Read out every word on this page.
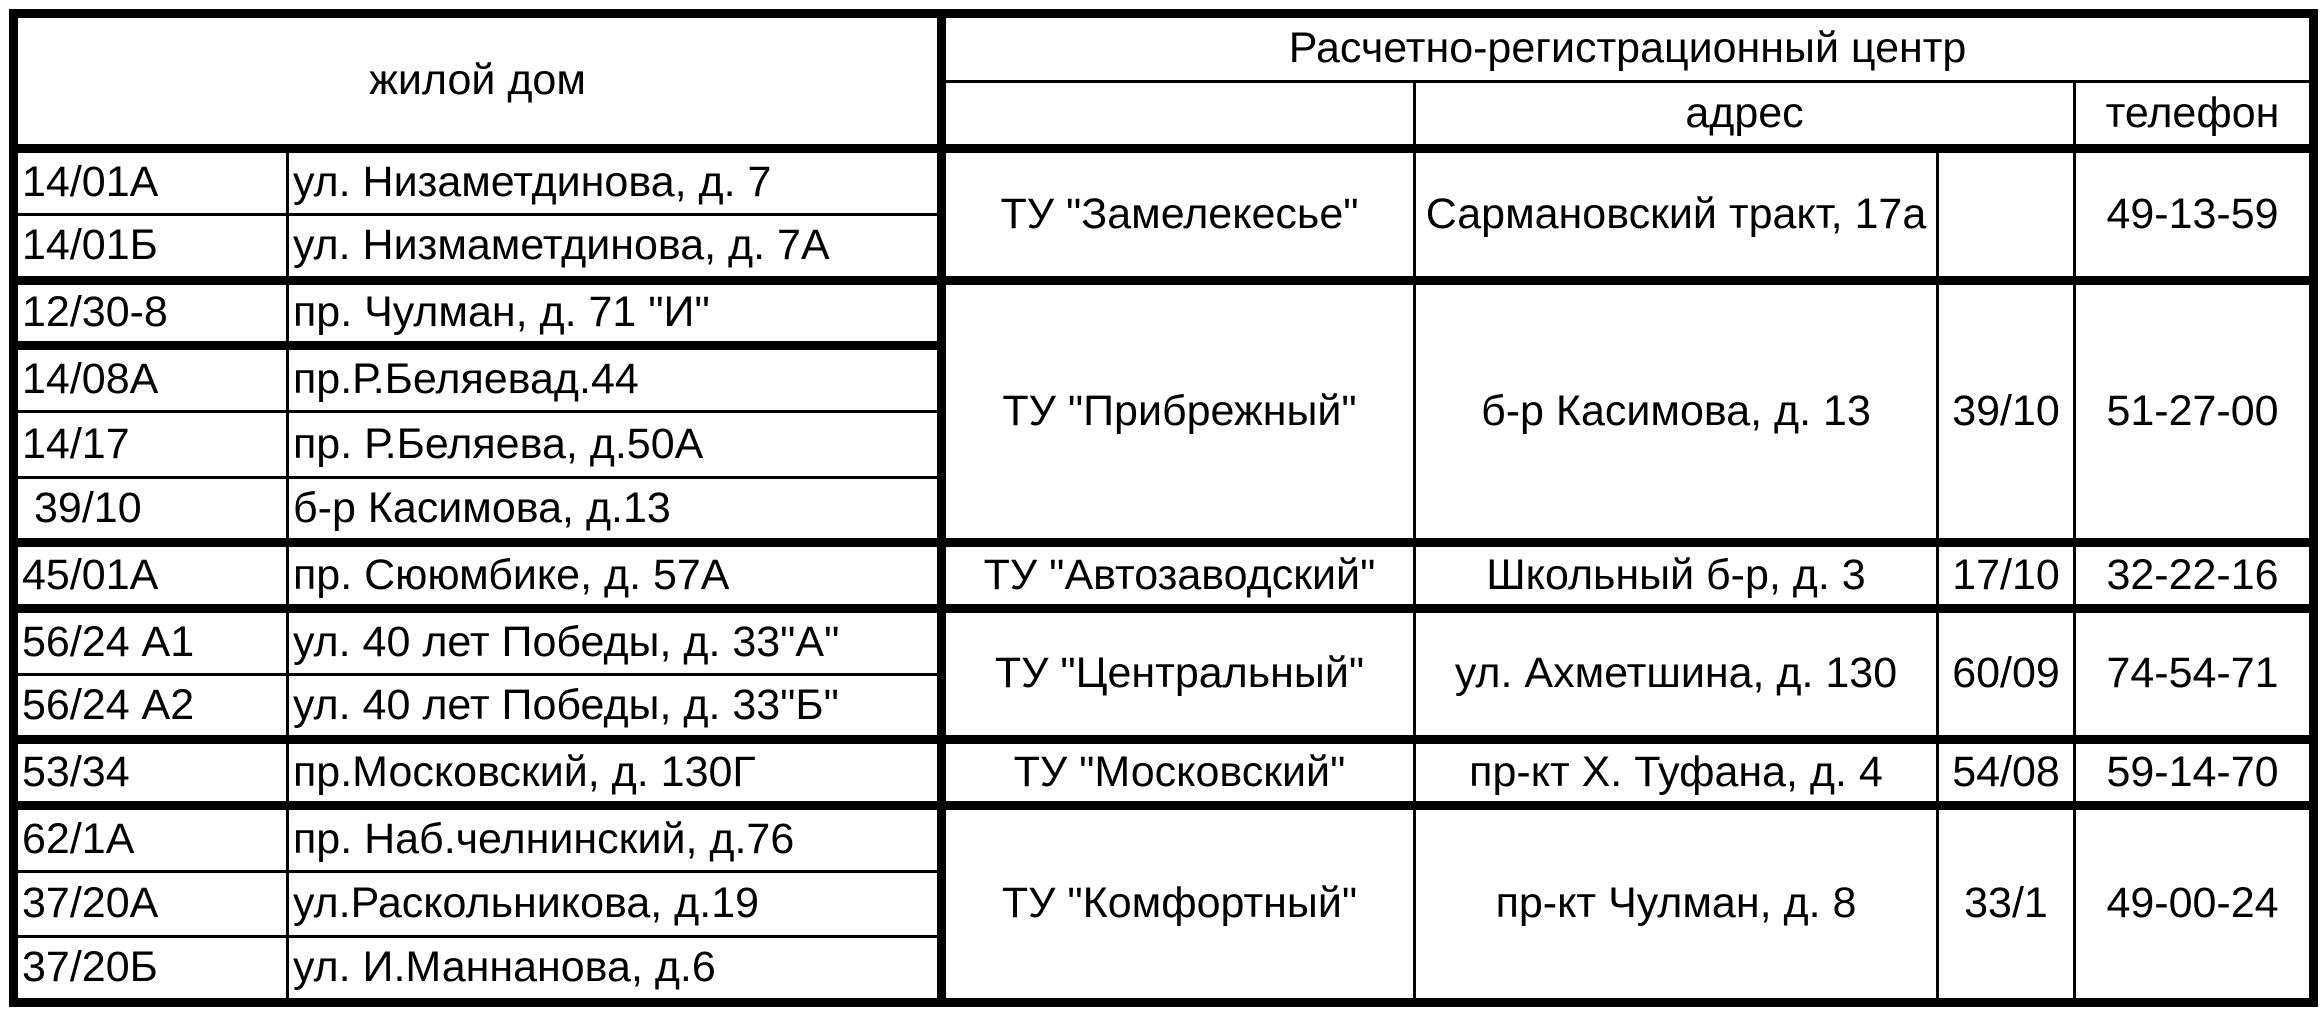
жилой дом		Расчетно-регистрационный центр			
			адрес		телефон
14/01А	ул. Низаметдинова, д. 7	ТУ "Замелекесье"	Сармановский тракт, 17а		49-13-59
14/01Б	ул. Низмаметдинова, д. 7А				
12/30-8	пр. Чулман, д. 71 "И"	ТУ "Прибрежный"	б-р Касимова, д. 13	39/10	51-27-00
14/08А	пр.Р.Беляевад.44				
14/17	пр. Р.Беляева, д.50А				
39/10	б-р Касимова, д.13				
45/01А	пр. Сююмбике, д. 57А	ТУ "Автозаводский"	Школьный б-р, д. 3	17/10	32-22-16
56/24 А1	ул. 40 лет Победы, д. 33"А"	ТУ "Центральный"	ул. Ахметшина, д. 130	60/09	74-54-71
56/24 А2	ул. 40 лет Победы, д. 33"Б"				
53/34	пр.Московский, д. 130Г	ТУ "Московский"	пр-кт Х. Туфана, д. 4	54/08	59-14-70
62/1А	пр. Наб.челнинский, д.76	ТУ "Комфортный"	пр-кт Чулман, д. 8	33/1	49-00-24
37/20А	ул.Раскольникова, д.19				
37/20Б	ул. И.Маннанова, д.6				
